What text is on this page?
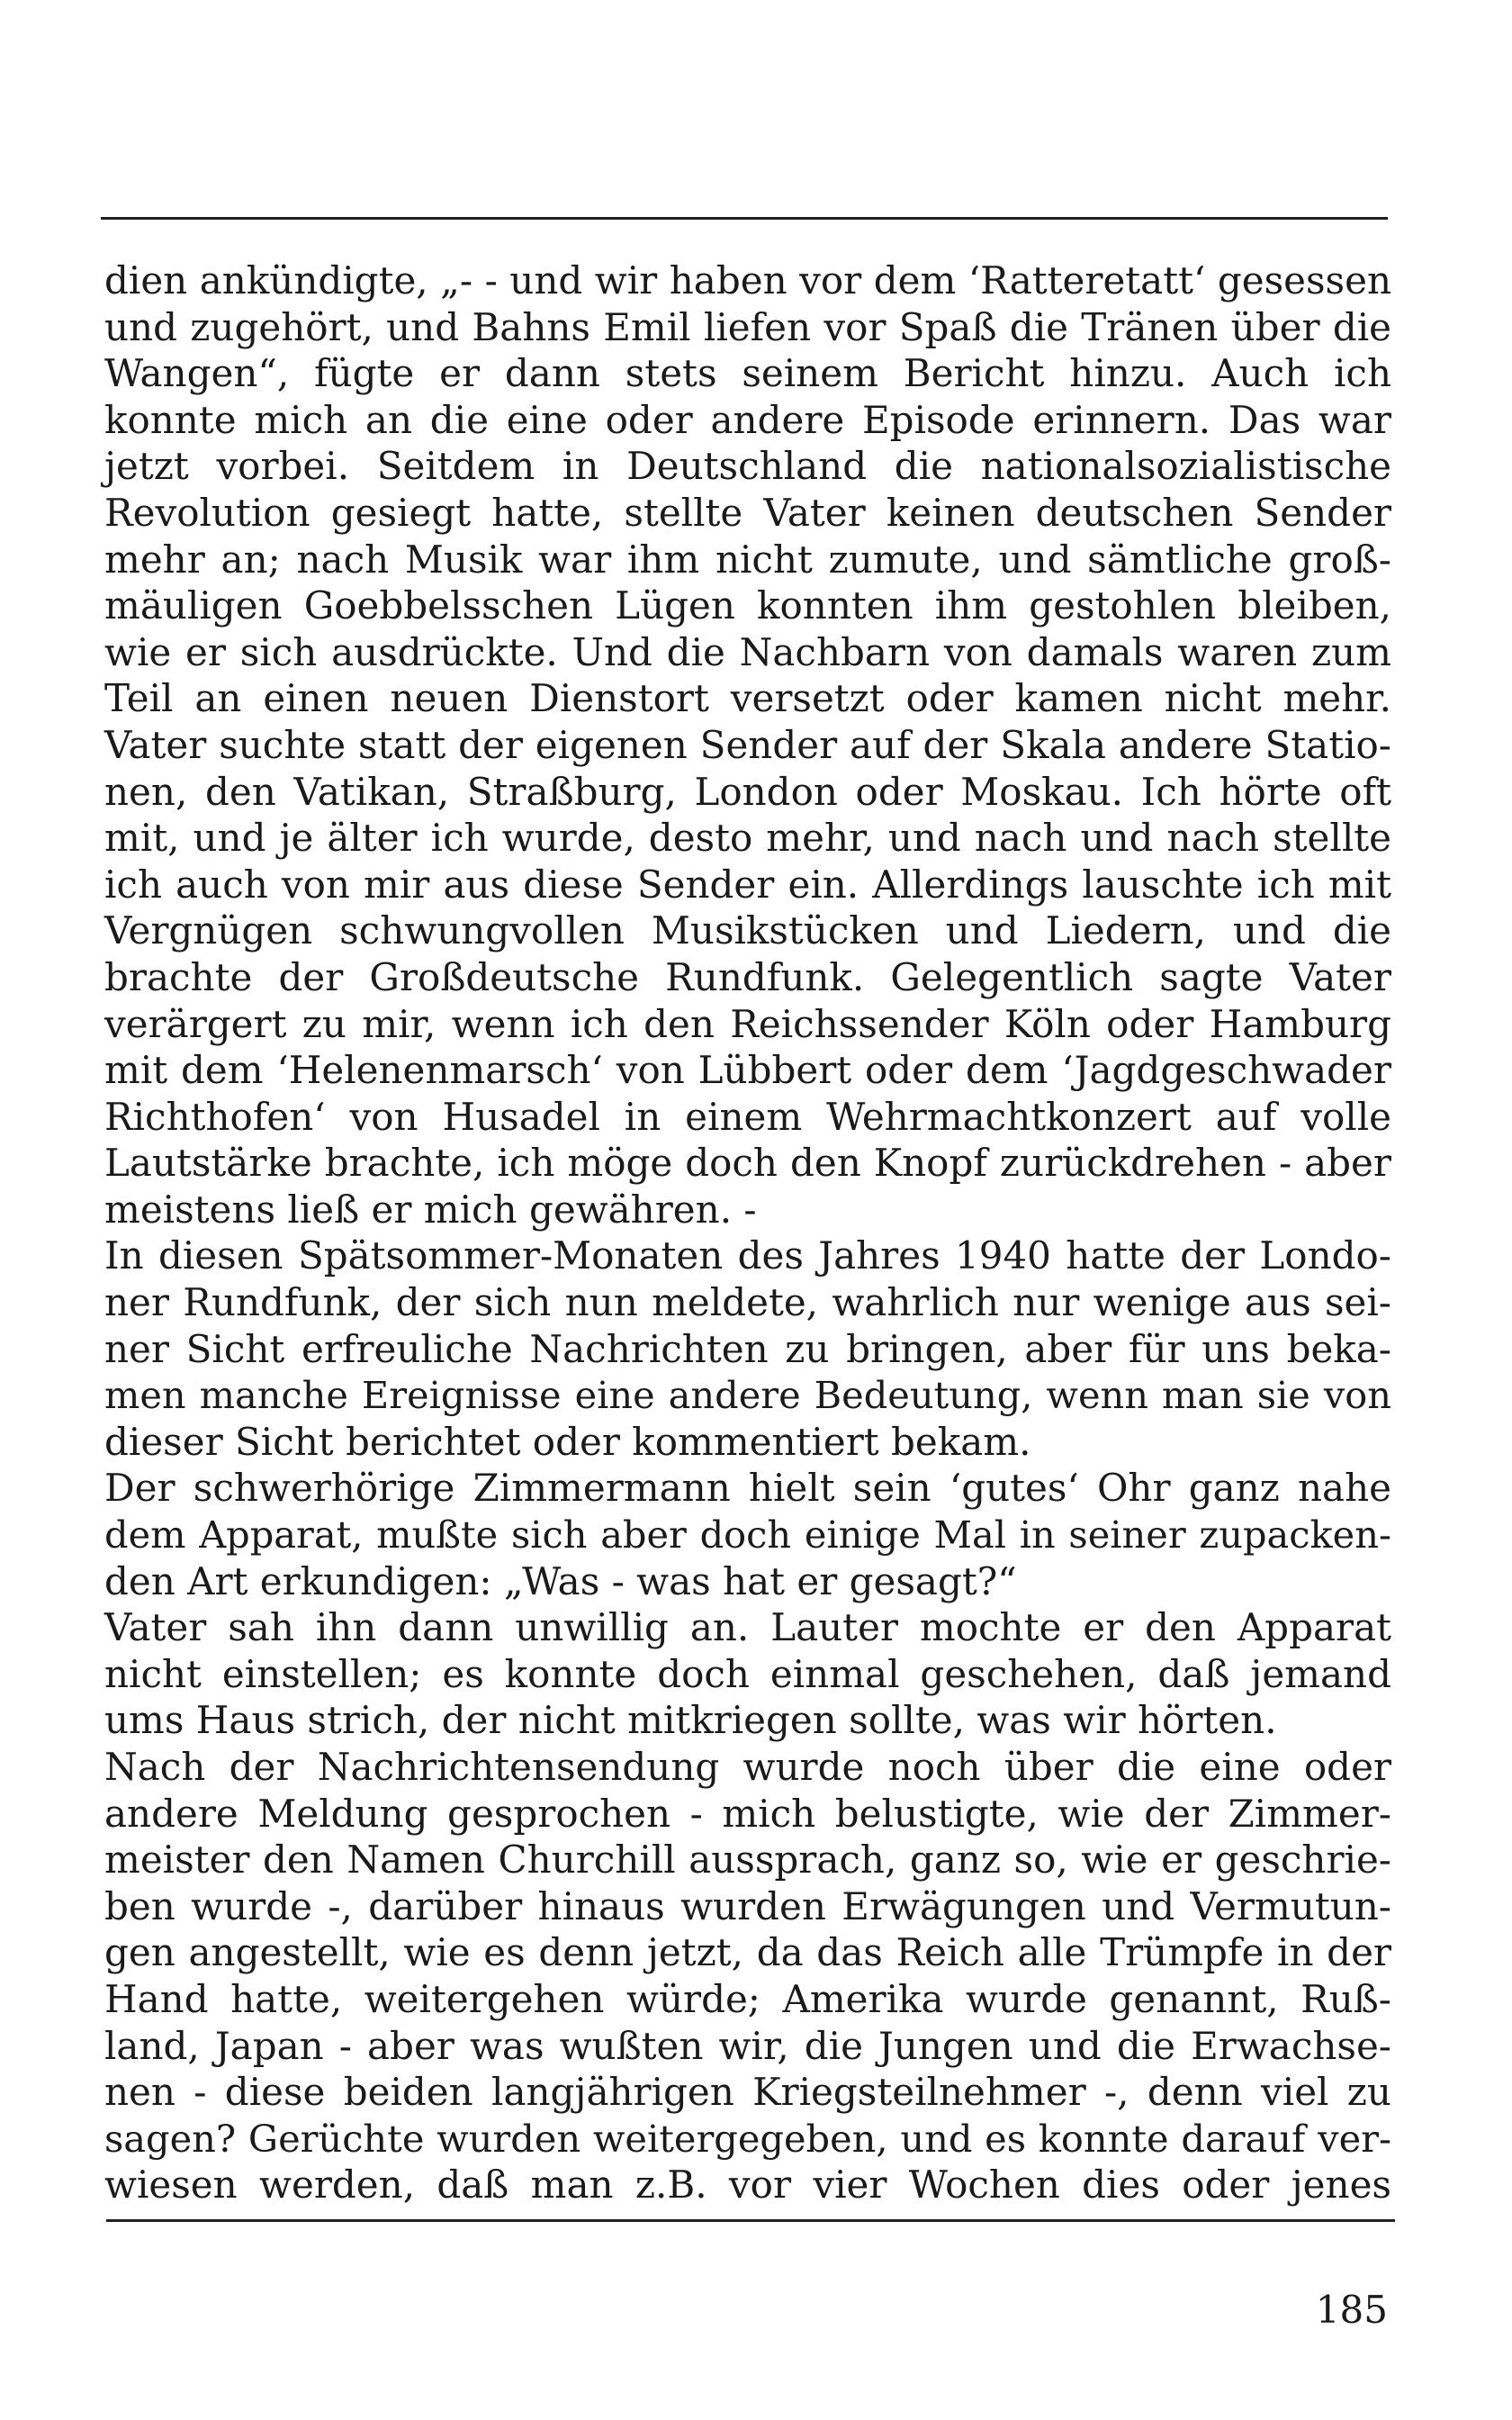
dien ankündigte, „- - und wir haben vor dem ‘Ratteretatt‘ gesessen
und zugehört, und Bahns Emil liefen vor Spaß die Tränen über die
Wangen“, fügte er dann stets seinem Bericht hinzu. Auch ich
konnte mich an die eine oder andere Episode erinnern. Das war
jetzt vorbei. Seitdem in Deutschland die nationalsozialistische
Revolution gesiegt hatte, stellte Vater keinen deutschen Sender
mehr an; nach Musik war ihm nicht zumute, und sämtliche groß-
mäuligen Goebbelsschen Lügen konnten ihm gestohlen bleiben,
wie er sich ausdrückte. Und die Nachbarn von damals waren zum
Teil an einen neuen Dienstort versetzt oder kamen nicht mehr.
Vater suchte statt der eigenen Sender auf der Skala andere Statio-
nen, den Vatikan, Straßburg, London oder Moskau. Ich hörte oft
mit, und je älter ich wurde, desto mehr, und nach und nach stellte
ich auch von mir aus diese Sender ein. Allerdings lauschte ich mit
Vergnügen schwungvollen Musikstücken und Liedern, und die
brachte der Großdeutsche Rundfunk. Gelegentlich sagte Vater
verärgert zu mir, wenn ich den Reichssender Köln oder Hamburg
mit dem ‘Helenenmarsch‘ von Lübbert oder dem ‘Jagdgeschwader
Richthofen‘ von Husadel in einem Wehrmachtkonzert auf volle
Lautstärke brachte, ich möge doch den Knopf zurückdrehen - aber
meistens ließ er mich gewähren. -
In diesen Spätsommer-Monaten des Jahres 1940 hatte der Londo-
ner Rundfunk, der sich nun meldete, wahrlich nur wenige aus sei-
ner Sicht erfreuliche Nachrichten zu bringen, aber für uns beka-
men manche Ereignisse eine andere Bedeutung, wenn man sie von
dieser Sicht berichtet oder kommentiert bekam.
Der schwerhörige Zimmermann hielt sein ‘gutes‘ Ohr ganz nahe
dem Apparat, mußte sich aber doch einige Mal in seiner zupacken-
den Art erkundigen: „Was - was hat er gesagt?“
Vater sah ihn dann unwillig an. Lauter mochte er den Apparat
nicht einstellen; es konnte doch einmal geschehen, daß jemand
ums Haus strich, der nicht mitkriegen sollte, was wir hörten.
Nach der Nachrichtensendung wurde noch über die eine oder
andere Meldung gesprochen - mich belustigte, wie der Zimmer-
meister den Namen Churchill aussprach, ganz so, wie er geschrie-
ben wurde -, darüber hinaus wurden Erwägungen und Vermutun-
gen angestellt, wie es denn jetzt, da das Reich alle Trümpfe in der
Hand hatte, weitergehen würde; Amerika wurde genannt, Ruß-
land, Japan - aber was wußten wir, die Jungen und die Erwachse-
nen - diese beiden langjährigen Kriegsteilnehmer -, denn viel zu
sagen? Gerüchte wurden weitergegeben, und es konnte darauf ver-
wiesen werden, daß man z.B. vor vier Wochen dies oder jenes
185
